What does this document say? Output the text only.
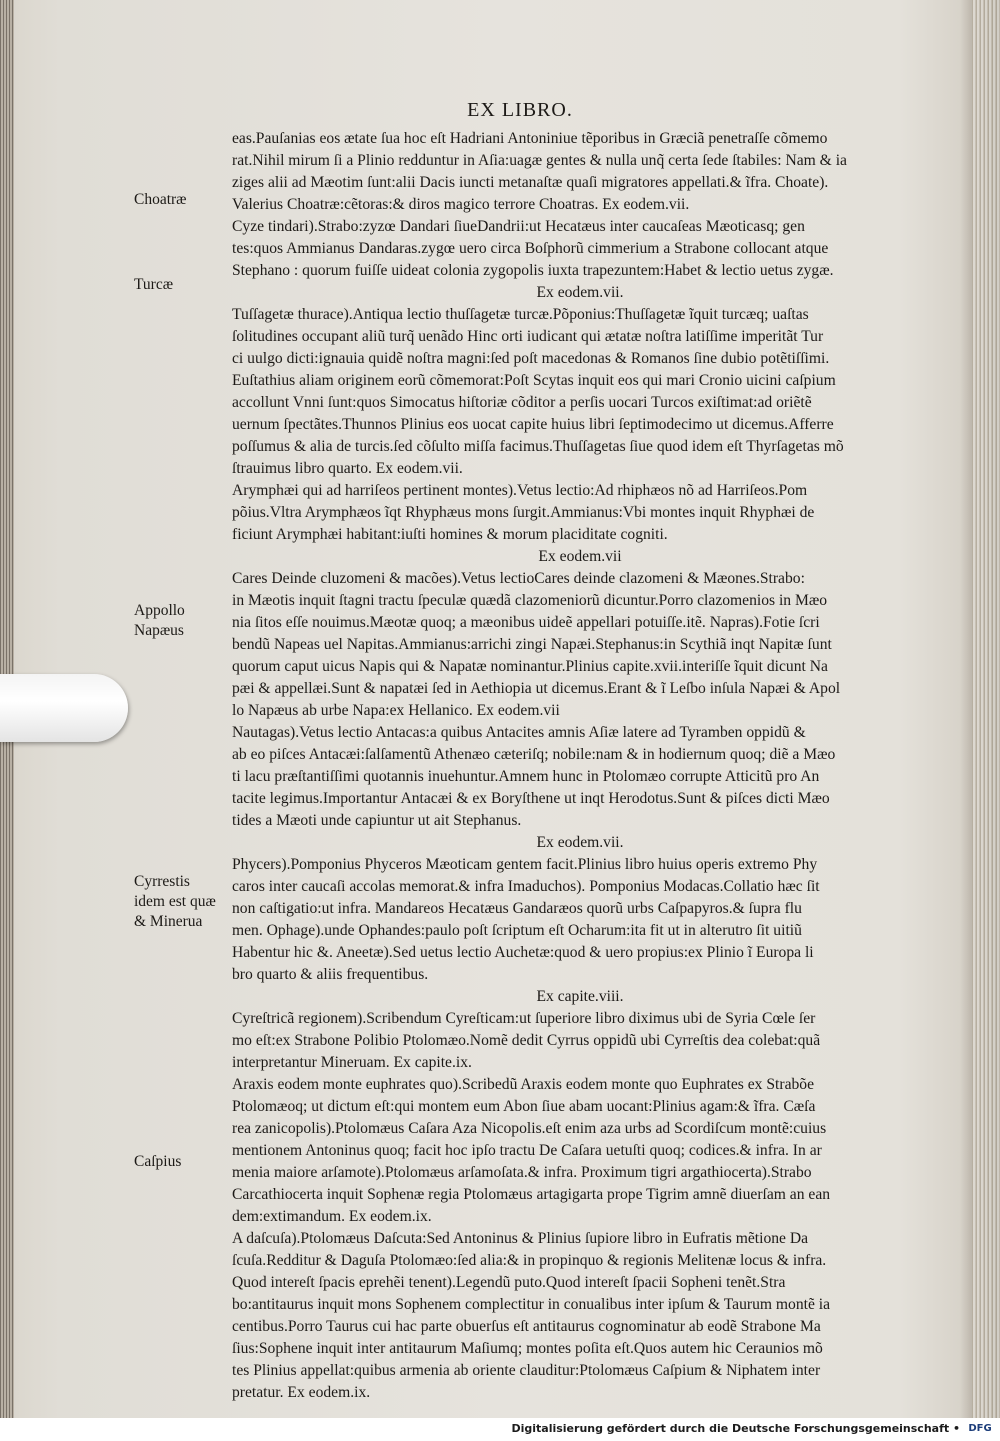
EX LIBRO.
Choatræ
Turcæ
Appollo
Napæus
Cyrrestis
idem est quæ
& Minerua
Caſpius
eas.Pauſanias eos ætate ſua hoc eſt Hadriani Antoniniue tẽporibus in Græciã penetraſſe cõmemo
rat.Nihil mirum ſi a Plinio redduntur in Aſia:uagæ gentes & nulla unq̃ certa ſede ſtabiles: Nam & ia
ziges alii ad Mæotim ſunt:alii Dacis iuncti metanaſtæ quaſi migratores appellati.& ĩfra. Choate).
Valerius Choatræ:cẽtoras:& diros magico terrore Choatras. Ex eodem.vii.
Cyze tindari).Strabo:zyzœ Dandari ſiueDandrii:ut Hecatæus inter caucaſeas Mæoticasq; gen
tes:quos Ammianus Dandaras.zygœ uero circa Boſphorũ cimmerium a Strabone collocant atque
Stephano : quorum fuiſſe uideat colonia zygopolis iuxta trapezuntem:Habet & lectio uetus zygæ.
Ex eodem.vii.
Tuſſagetæ thurace).Antiqua lectio thuſſagetæ turcæ.Põponius:Thuſſagetæ ĩquit turcæq; uaſtas
ſolitudines occupant aliũ turq̃ uenãdo Hinc orti iudicant qui ætatæ noſtra latiſſime imperitãt Tur
ci uulgo dicti:ignauia quidẽ noſtra magni:ſed poſt macedonas & Romanos ſine dubio potẽtiſſimi.
Euſtathius aliam originem eorũ cõmemorat:Poſt Scytas inquit eos qui mari Cronio uicini caſpium
accollunt Vnni ſunt:quos Simocatus hiſtoriæ cõditor a perſis uocari Turcos exiſtimat:ad oriẽtẽ
uernum ſpectãtes.Thunnos Plinius eos uocat capite huius libri ſeptimodecimo ut dicemus.Afferre
poſſumus & alia de turcis.ſed cõſulto miſſa facimus.Thuſſagetas ſiue quod idem eſt Thyrſagetas mõ
ſtrauimus libro quarto. Ex eodem.vii.
Arymphæi qui ad harriſeos pertinent montes).Vetus lectio:Ad rhiphæos nõ ad Harriſeos.Pom
põius.Vltra Arymphæos ĩqt Rhyphæus mons ſurgit.Ammianus:Vbi montes inquit Rhyphæi de
ficiunt Arymphæi habitant:iuſti homines & morum placiditate cogniti.
Ex eodem.vii
Cares Deinde cluzomeni & macões).Vetus lectioCares deinde clazomeni & Mæones.Strabo:
in Mæotis inquit ſtagni tractu ſpeculæ quædã clazomeniorũ dicuntur.Porro clazomenios in Mæo
nia ſitos eſſe nouimus.Mæotæ quoq; a mæonibus uideẽ appellari potuiſſe.itẽ. Napras).Fotie ſcri
bendũ Napeas uel Napitas.Ammianus:arrichi zingi Napæi.Stephanus:in Scythiã inqt Napitæ ſunt
quorum caput uicus Napis qui & Napatæ nominantur.Plinius capite.xvii.interiſſe ĩquit dicunt Na
pæi & appellæi.Sunt & napatæi ſed in Aethiopia ut dicemus.Erant & ĩ Leſbo inſula Napæi & Apol
lo Napæus ab urbe Napa:ex Hellanico. Ex eodem.vii
Nautagas).Vetus lectio Antacas:a quibus Antacites amnis Aſiæ latere ad Tyramben oppidũ &
ab eo piſces Antacæi:ſalſamentũ Athenæo cæteriſq; nobile:nam & in hodiernum quoq; diẽ a Mæo
ti lacu præſtantiſſimi quotannis inuehuntur.Amnem hunc in Ptolomæo corrupte Atticitũ pro An
tacite legimus.Importantur Antacæi & ex Boryſthene ut inqt Herodotus.Sunt & piſces dicti Mæo
tides a Mæoti unde capiuntur ut ait Stephanus.
Ex eodem.vii.
Phycers).Pomponius Phyceros Mæoticam gentem facit.Plinius libro huius operis extremo Phy
caros inter caucaſi accolas memorat.& infra Imaduchos). Pomponius Modacas.Collatio hæc ſit
non caſtigatio:ut infra. Mandareos Hecatæus Gandaræos quorũ urbs Caſpapyros.& ſupra flu
men. Ophage).unde Ophandes:paulo poſt ſcriptum eſt Ocharum:ita fit ut in alterutro ſit uitiũ
Habentur hic &. Aneetæ).Sed uetus lectio Auchetæ:quod & uero propius:ex Plinio ĩ Europa li
bro quarto & aliis frequentibus.
Ex capite.viii.
Cyreſtricã regionem).Scribendum Cyreſticam:ut ſuperiore libro diximus ubi de Syria Cœle ſer
mo eſt:ex Strabone Polibio Ptolomæo.Nomẽ dedit Cyrrus oppidũ ubi Cyrreſtis dea colebat:quã
interpretantur Mineruam. Ex capite.ix.
Araxis eodem monte euphrates quo).Scribedũ Araxis eodem monte quo Euphrates ex Strabõe
Ptolomæoq; ut dictum eſt:qui montem eum Abon ſiue abam uocant:Plinius agam:& ĩfra. Cæſa
rea zanicopolis).Ptolomæus Caſara Aza Nicopolis.eſt enim aza urbs ad Scordiſcum montẽ:cuius
mentionem Antoninus quoq; facit hoc ipſo tractu De Caſara uetuſti quoq; codices.& infra. In ar
menia maiore arſamote).Ptolomæus arſamoſata.& infra. Proximum tigri argathiocerta).Strabo
Carcathiocerta inquit Sophenæ regia Ptolomæus artagigarta prope Tigrim amnẽ diuerſam an ean
dem:extimandum. Ex eodem.ix.
A daſcuſa).Ptolomæus Daſcuta:Sed Antoninus & Plinius ſupiore libro in Eufratis mẽtione Da
ſcuſa.Redditur & Daguſa Ptolomæo:ſed alia:& in propinquo & regionis Melitenæ locus & infra.
Quod intereſt ſpacis eprehẽi tenent).Legendũ puto.Quod intereſt ſpacii Sopheni tenẽt.Stra
bo:antitaurus inquit mons Sophenem complectitur in conualibus inter ipſum & Taurum montẽ ia
centibus.Porro Taurus cui hac parte obuerſus eſt antitaurus cognominatur ab eodẽ Strabone Ma
ſius:Sophene inquit inter antitaurum Maſiumq; montes poſita eſt.Quos autem hic Ceraunios mõ
tes Plinius appellat:quibus armenia ab oriente clauditur:Ptolomæus Caſpium & Niphatem inter
pretatur. Ex eodem.ix.
Digitalisierung gefördert durch die Deutsche Forschungsgemeinschaft • DFG
